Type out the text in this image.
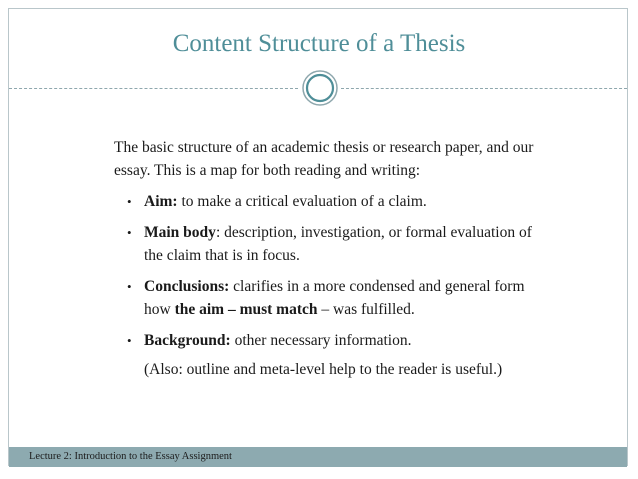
Content Structure of a Thesis

The basic structure of an academic thesis or research paper, and our essay. This is a map for both reading and writing:

• Aim: to make a critical evaluation of a claim.
• Main body: description, investigation, or formal evaluation of the claim that is in focus.
• Conclusions: clarifies in a more condensed and general form how the aim – must match – was fulfilled.
• Background: other necessary information.
(Also: outline and meta-level help to the reader is useful.)
Lecture 2: Introduction to the Essay Assignment
